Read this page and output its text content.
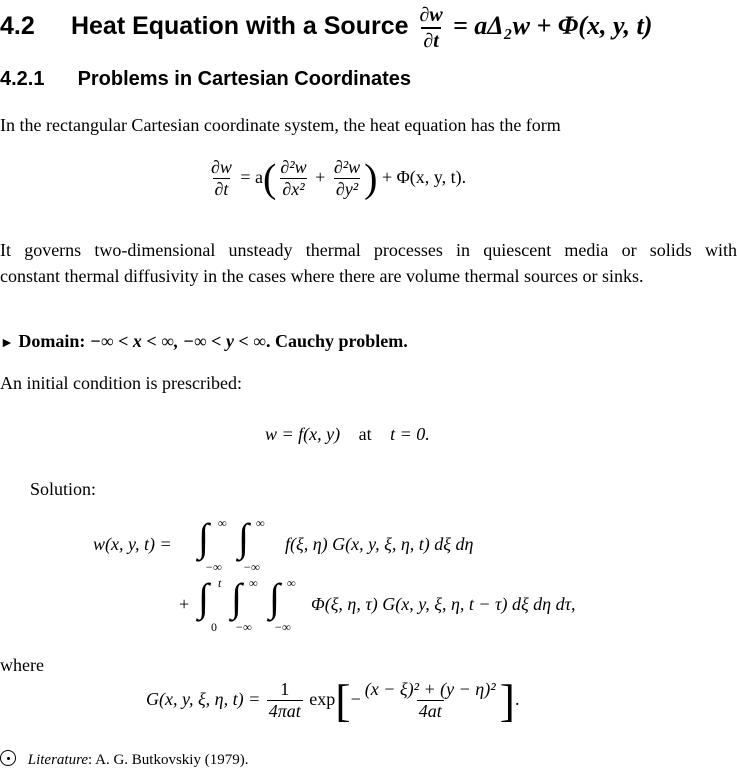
4.2 Heat Equation with a Source $\frac{\partial w}{\partial t} = a\Delta_2w + \Phi(x$, y, t)
4.2.1 Problems in Cartesian Coordinates
In the rectangular Cartesian coordinate system, the heat equation has the form
$\frac{\partial w}{\partial t} = a( \frac{\text{∂²w}}{\text{∂x²}} + \frac{\text{∂²w}}{\text{∂y²}}$ ) + Φ(x, y, t).
It governs two-dimensional unsteady thermal processes in quiescent media or solids with
constant thermal diffusivity in the cases where there are volume thermal sources or sinks.
► Domain: −∞ < x < ∞, −∞ < y < ∞. Cauchy problem.
An initial condition is prescribed:
w = f(x, y) at t = 0.
Solution:
w(x, y, t) = ∫ ∞
−∞
∫ ∞
−∞
f(ξ, η) G(x, y, ξ, η, t) dξ dη
+ ∫ t
0
∫ ∞
−∞
∫ ∞
−∞
Φ(ξ, η, τ) G(x, y, ξ, η, t − τ) dξ dη dτ,
where
G(x, y, ξ, η, $t) = \frac{1}{\text{4πat}} \exp[- \frac{\text{(x − ξ)² + (y − η)²}}{4at}$ ].
Literature: A. G. Butkovskiy (1979).
